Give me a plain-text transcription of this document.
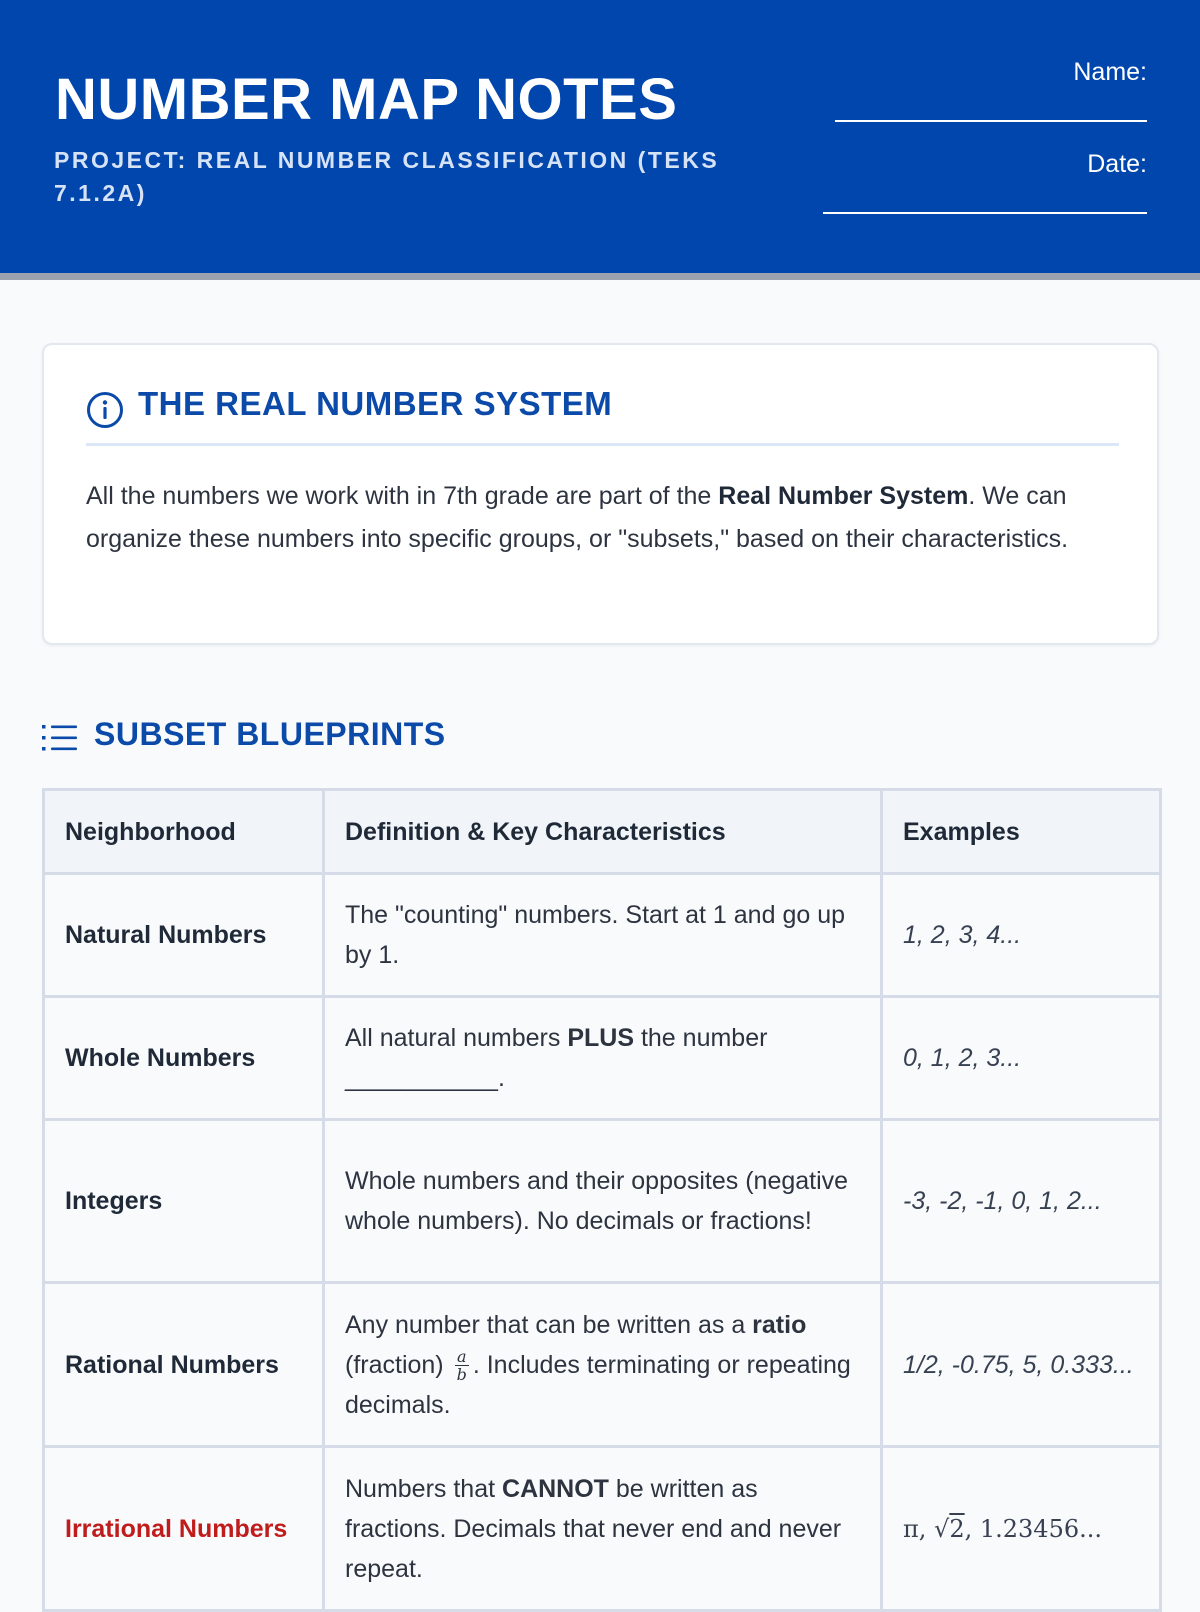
NUMBER MAP NOTES

PROJECT: REAL NUMBER CLASSIFICATION (TEKS 7.1.2A)

Name:
Date:
THE REAL NUMBER SYSTEM

All the numbers we work with in 7th grade are part of the Real Number System. We can organize these numbers into specific groups, or "subsets," based on their characteristics.

SUBSET BLUEPRINTS
Neighborhood	Definition & Key Characteristics	Examples
Natural Numbers	The "counting" numbers. Start at 1 and go up by 1.	1, 2, 3, 4...
Whole Numbers	All natural numbers PLUS the number ___________.	0, 1, 2, 3...
Integers	Whole numbers and their opposites (negative whole numbers). No decimals or fractions!	-3, -2, -1, 0, 1, 2...
Rational Numbers	Any number that can be written as a ratio (fraction) $\frac{a}{b}$ . Includes terminating or repeating decimals.	1/2, -0.75, 5, 0.333...
Irrational Numbers	Numbers that CANNOT be written as fractions. Decimals that never end and never repeat.	π, √2, 1.23456...
